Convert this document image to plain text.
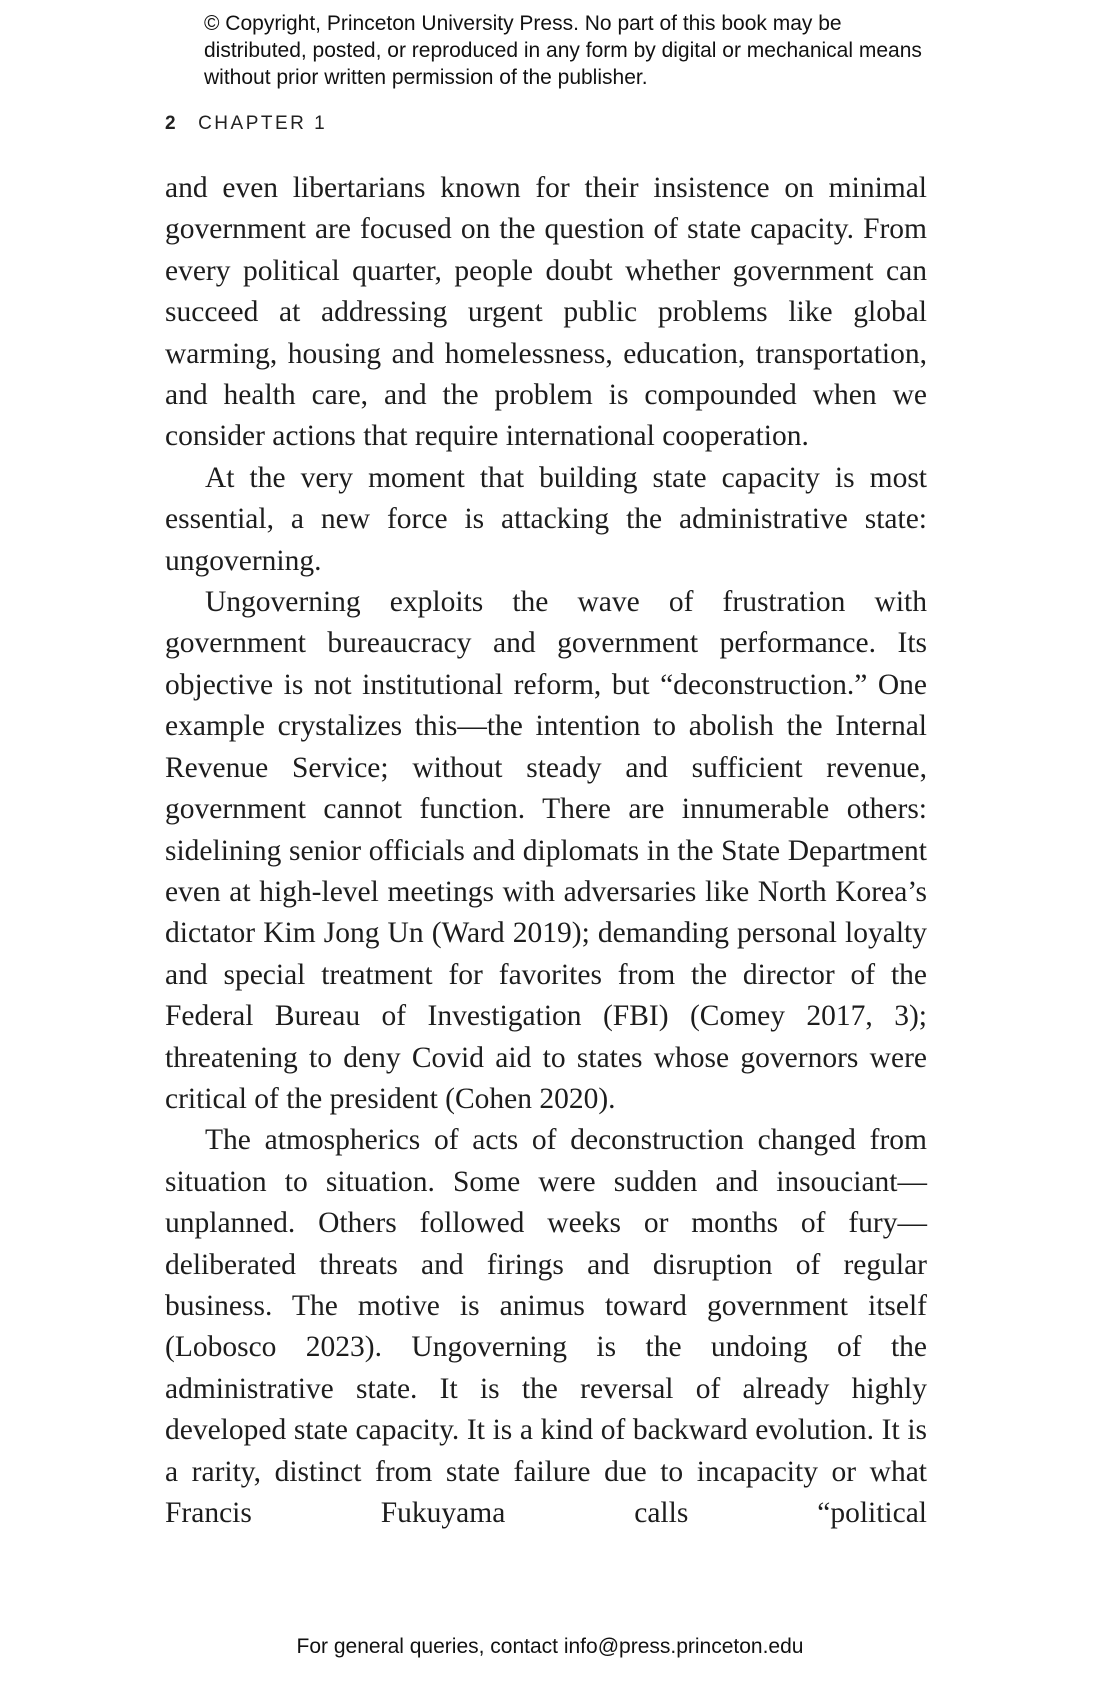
© Copyright, Princeton University Press. No part of this book may be distributed, posted, or reproduced in any form by digital or mechanical means without prior written permission of the publisher.
2 CHAPTER 1

and even libertarians known for their insistence on minimal government are focused on the question of state capacity. From every political quarter, people doubt whether government can succeed at addressing urgent public problems like global warming, housing and homelessness, education, transportation, and health care, and the problem is compounded when we consider actions that require international cooperation.

At the very moment that building state capacity is most essential, a new force is attacking the administrative state: ungoverning.

Ungoverning exploits the wave of frustration with government bureaucracy and government performance. Its objective is not institutional reform, but “deconstruction.” One example crystalizes this—the intention to abolish the Internal Revenue Service; without steady and sufficient revenue, government cannot function. There are innumerable others: sidelining senior officials and diplomats in the State Department even at high-level meetings with adversaries like North Korea’s dictator Kim Jong Un (Ward 2019); demanding personal loyalty and special treatment for favorites from the director of the Federal Bureau of Investigation (FBI) (Comey 2017, 3); threatening to deny Covid aid to states whose governors were critical of the president (Cohen 2020).

The atmospherics of acts of deconstruction changed from situation to situation. Some were sudden and insouciant—unplanned. Others followed weeks or months of fury—deliberated threats and firings and disruption of regular business. The motive is animus toward government itself (Lobosco 2023). Ungoverning is the undoing of the administrative state. It is the reversal of already highly developed state capacity. It is a kind of backward evolution. It is a rarity, distinct from state failure due to incapacity or what Francis Fukuyama calls “political

For general queries, contact info@press.princeton.edu
